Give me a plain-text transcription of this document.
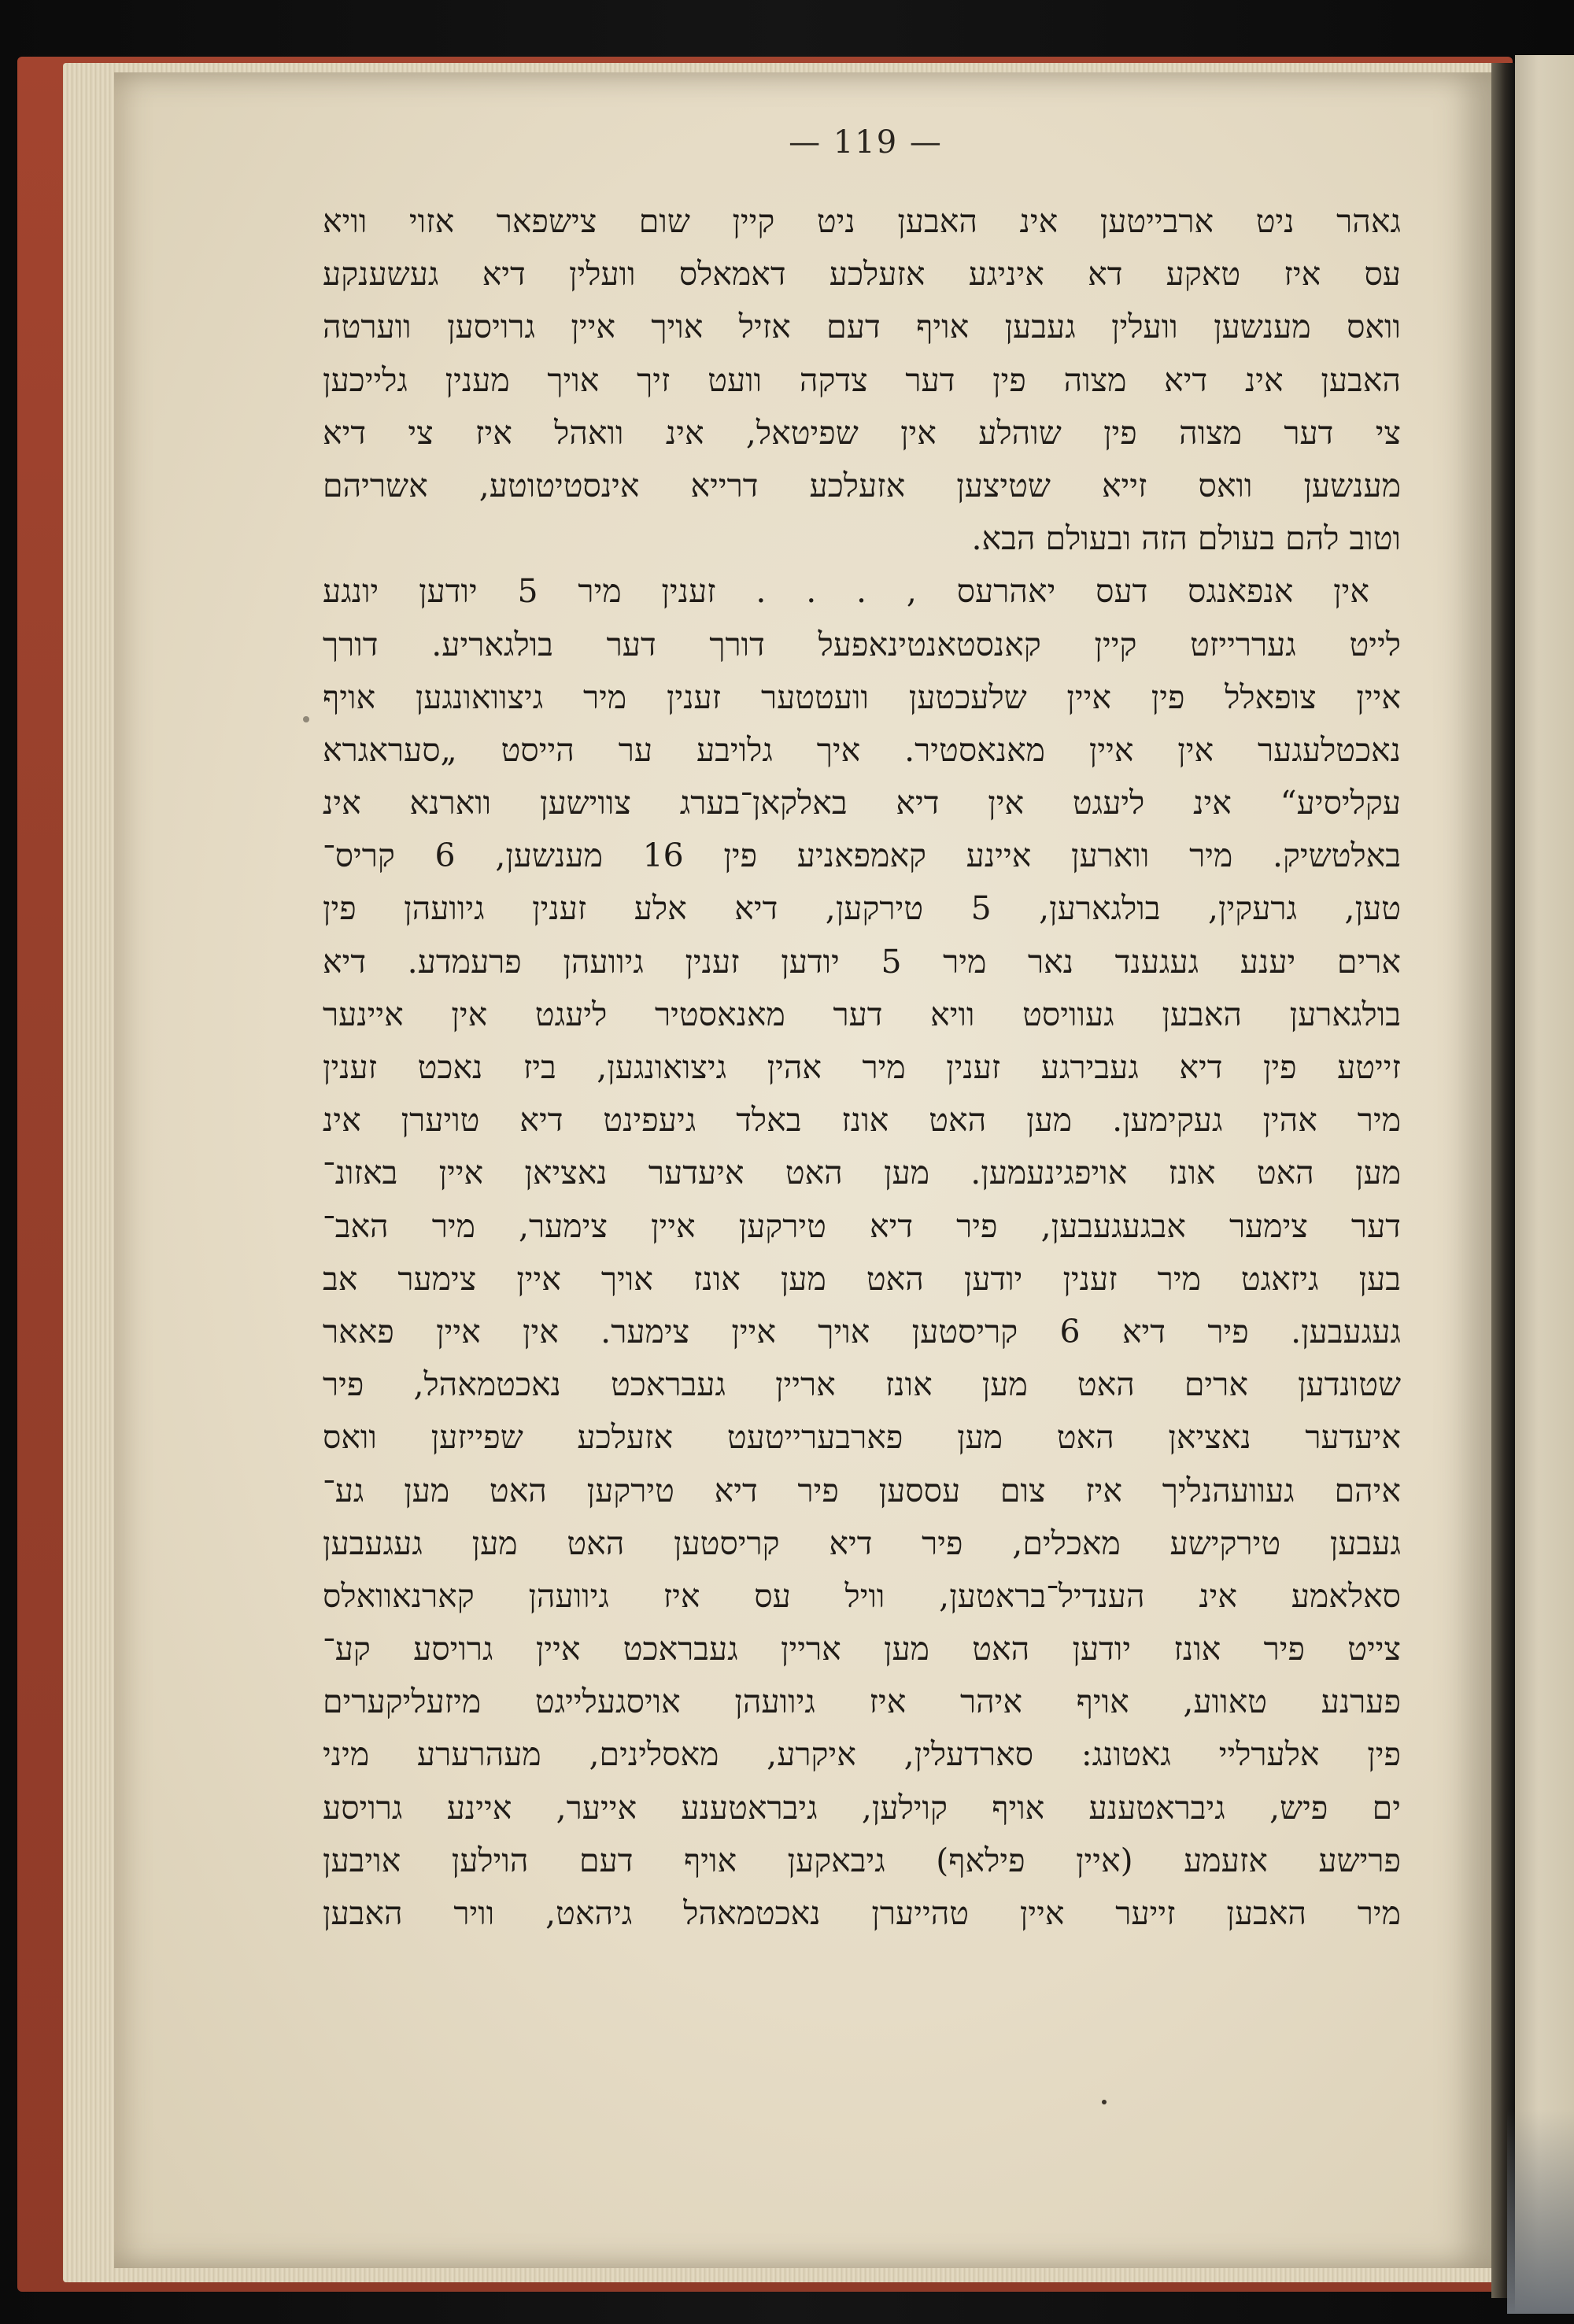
— 119 —
גאהר ניט ארבייטען אינ האבען ניט קיין שום צישפאר אזוי וויא
עס איז טאקע דא איניגע אזעלכע דאמאלס וועלין דיא געשענקע
וואס מענשען וועלין געבען אויף דעם אזיל אויך איין גרויסען ווערטה
האבען אינ דיא מצוה פין דער צדקה וועט זיך אויך מענין גלייכען
צי דער מצוה פין שוהלע אין שפיטאל, אינ וואהל איז צי דיא
מענשען וואס זייא שטיצען אזעלכע דרייא אינסטיטוטע, אשריהם
וטוב להם בעולם הזה ובעולם הבא.
אין אנפאנגס דעס יאהרעס , . . . זענין מיר 5 יודען יונגע
לייט געררייזט קיין קאנסטאנטינאפעל דורך דער בולגאריע. דורך
איין צופאלל פין איין שלעכטען וועטטער זענין מיר גיצוואונגען אויף
נאכטלעגער אין איין מאנאסטיר. איך גלויבע ער הייסט „סעראגרא
עקליסיע“ אינ ליעגט אין דיא באלקאן־בערג צווישען ווארנא אינ
באלטשיק. מיר ווארען איינע קאמפאניע פין 16 מענשען, 6 קריס־
טען, גרעקין, בולגארען, 5 טירקען, דיא אלע זענין גיוועהן פין
ארים יענע געגענד נאר מיר 5 יודען זענין גיוועהן פרעמדע. דיא
בולגארען האבען געוויסט וויא דער מאנאסטיר ליעגט אין איינער
זייטע פין דיא געבירגע זענין מיר אהין גיצואונגען, ביז נאכט זענין
מיר אהין געקימען. מען האט אונז באלד גיעפינט דיא טויערן אינ
מען האט אונז אויפגינעמען. מען האט איעדער נאציאן איין באזונ־
דער צימער אבגעגעבען, פיר דיא טירקען איין צימער, מיר האב־
בען גיזאגט מיר זענין יודען האט מען אונז אויך איין צימער אב
געגעבען. פיר דיא 6 קריסטען אויך איין צימער. אין איין פאאר
שטונדען ארים האט מען אונז אריין געבראכט נאכטמאהל, פיר
איעדער נאציאן האט מען פארבערייטעט אזעלכע שפייזען וואס
איהם געוועהנליך איז צום עססען פיר דיא טירקען האט מען גע־
געבען טירקישע מאכלים, פיר דיא קריסטען האט מען געגעבען
סאלאמע אינ הענדיל־בראטען, וויל עס איז גיוועהן קארנאוואלס
צייט פיר אונז יודען האט מען אריין געבראכט איין גרויסע קע־
פערנע טאווע, אויף איהר איז גיוועהן אויסגעלייגט מיזעליקערים
פין אלערליי גאטונג: סארדעלין, איקרע, מאסלינים, מעהרערע מיני
ים פיש, גיבראטענע אויף קוילען, גיבראטענע אייער, איינע גרויסע
פרישע אזעמע (איין פילאף) גיבאקען אויף דעם הוילען אויבען
מיר האבען זייער איין טהייערן נאכטמאהל גיהאט, וויר האבען
